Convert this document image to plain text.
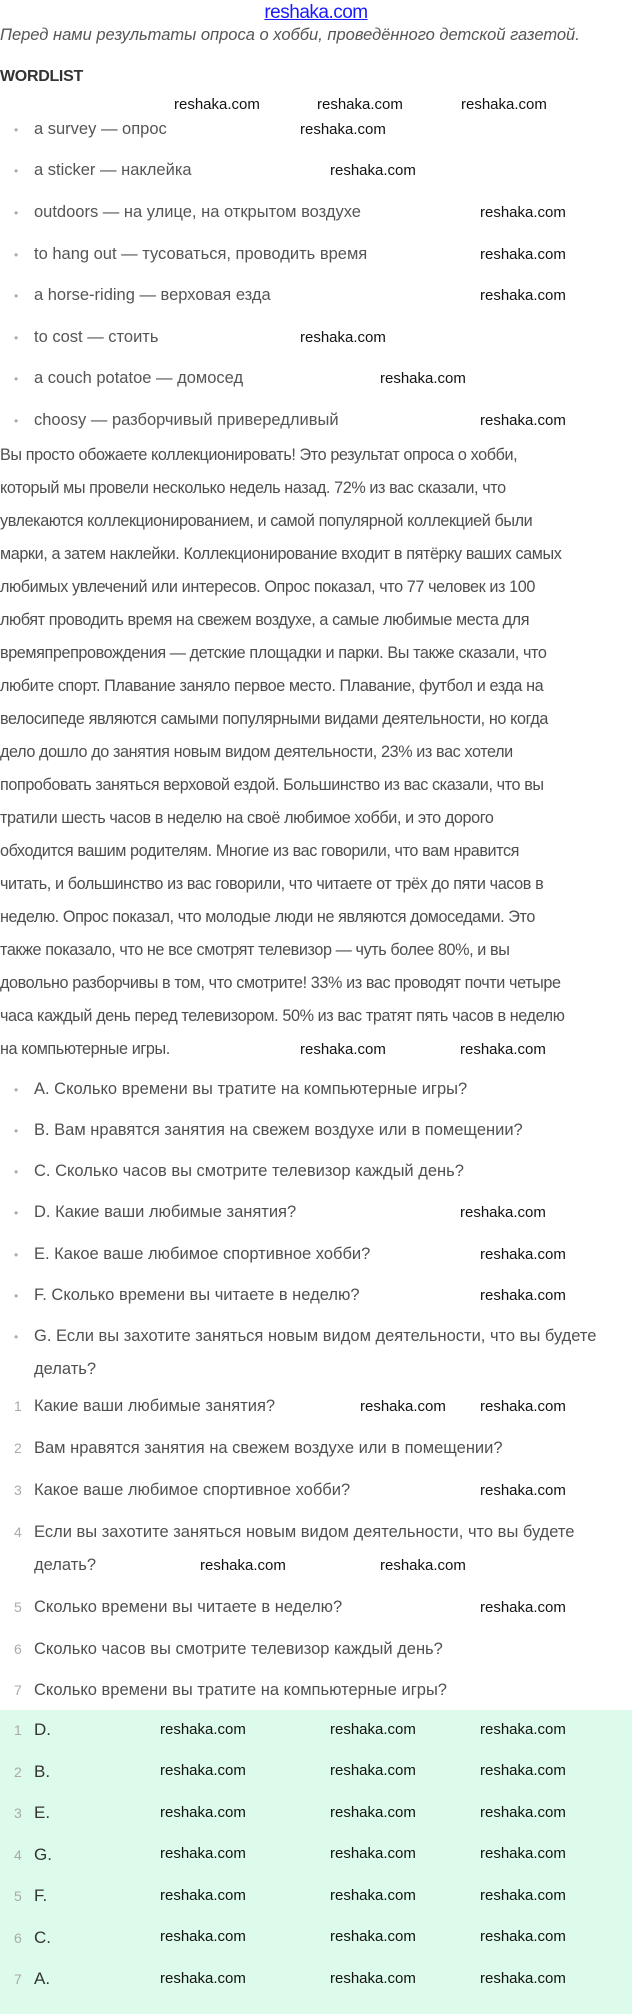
reshaka.com
Перед нами результаты опроса о хобби, проведённого детской газетой.
WORDLIST
• a survey — опрос
• a sticker — наклейка
• outdoors — на улице, на открытом воздухе
• to hang out — тусоваться, проводить время
• a horse-riding — верховая езда
• to cost — стоить
• a couch potatoe — домосед
• choosy — разборчивый привередливый
Вы просто обожаете коллекционировать! Это результат опроса о хобби,
который мы провели несколько недель назад. 72% из вас сказали, что
увлекаются коллекционированием, и самой популярной коллекцией были
марки, а затем наклейки. Коллекционирование входит в пятёрку ваших самых
любимых увлечений или интересов. Опрос показал, что 77 человек из 100
любят проводить время на свежем воздухе, а самые любимые места для
времяпрепровождения — детские площадки и парки. Вы также сказали, что
любите спорт. Плавание заняло первое место. Плавание, футбол и езда на
велосипеде являются самыми популярными видами деятельности, но когда
дело дошло до занятия новым видом деятельности, 23% из вас хотели
попробовать заняться верховой ездой. Большинство из вас сказали, что вы
тратили шесть часов в неделю на своё любимое хобби, и это дорого
обходится вашим родителям. Многие из вас говорили, что вам нравится
читать, и большинство из вас говорили, что читаете от трёх до пяти часов в
неделю. Опрос показал, что молодые люди не являются домоседами. Это
также показало, что не все смотрят телевизор — чуть более 80%, и вы
довольно разборчивы в том, что смотрите! 33% из вас проводят почти четыре
часа каждый день перед телевизором. 50% из вас тратят пять часов в неделю
на компьютерные игры.
• A. Сколько времени вы тратите на компьютерные игры?
• B. Вам нравятся занятия на свежем воздухе или в помещении?
• C. Сколько часов вы смотрите телевизор каждый день?
• D. Какие ваши любимые занятия?
• E. Какое ваше любимое спортивное хобби?
• F. Сколько времени вы читаете в неделю?
• G. Если вы захотите заняться новым видом деятельности, что вы будете
делать?
1 Какие ваши любимые занятия?
2 Вам нравятся занятия на свежем воздухе или в помещении?
3 Какое ваше любимое спортивное хобби?
4 Если вы захотите заняться новым видом деятельности, что вы будете
делать?
5 Сколько времени вы читаете в неделю?
6 Сколько часов вы смотрите телевизор каждый день?
7 Сколько времени вы тратите на компьютерные игры?
1 D.
2 B.
3 E.
4 G.
5 F.
6 C.
7 A.
reshaka.com	reshaka.com	reshaka.com
reshaka.com
reshaka.com
reshaka.com
reshaka.com
reshaka.com
reshaka.com
reshaka.com
reshaka.com
reshaka.com	reshaka.com
reshaka.com
reshaka.com
reshaka.com
reshaka.com reshaka.com
reshaka.com
reshaka.com	reshaka.com
reshaka.com
reshaka.com	reshaka.com	reshaka.com
reshaka.com	reshaka.com	reshaka.com
reshaka.com	reshaka.com	reshaka.com
reshaka.com	reshaka.com	reshaka.com
reshaka.com	reshaka.com	reshaka.com
reshaka.com	reshaka.com	reshaka.com
reshaka.com	reshaka.com	reshaka.com
